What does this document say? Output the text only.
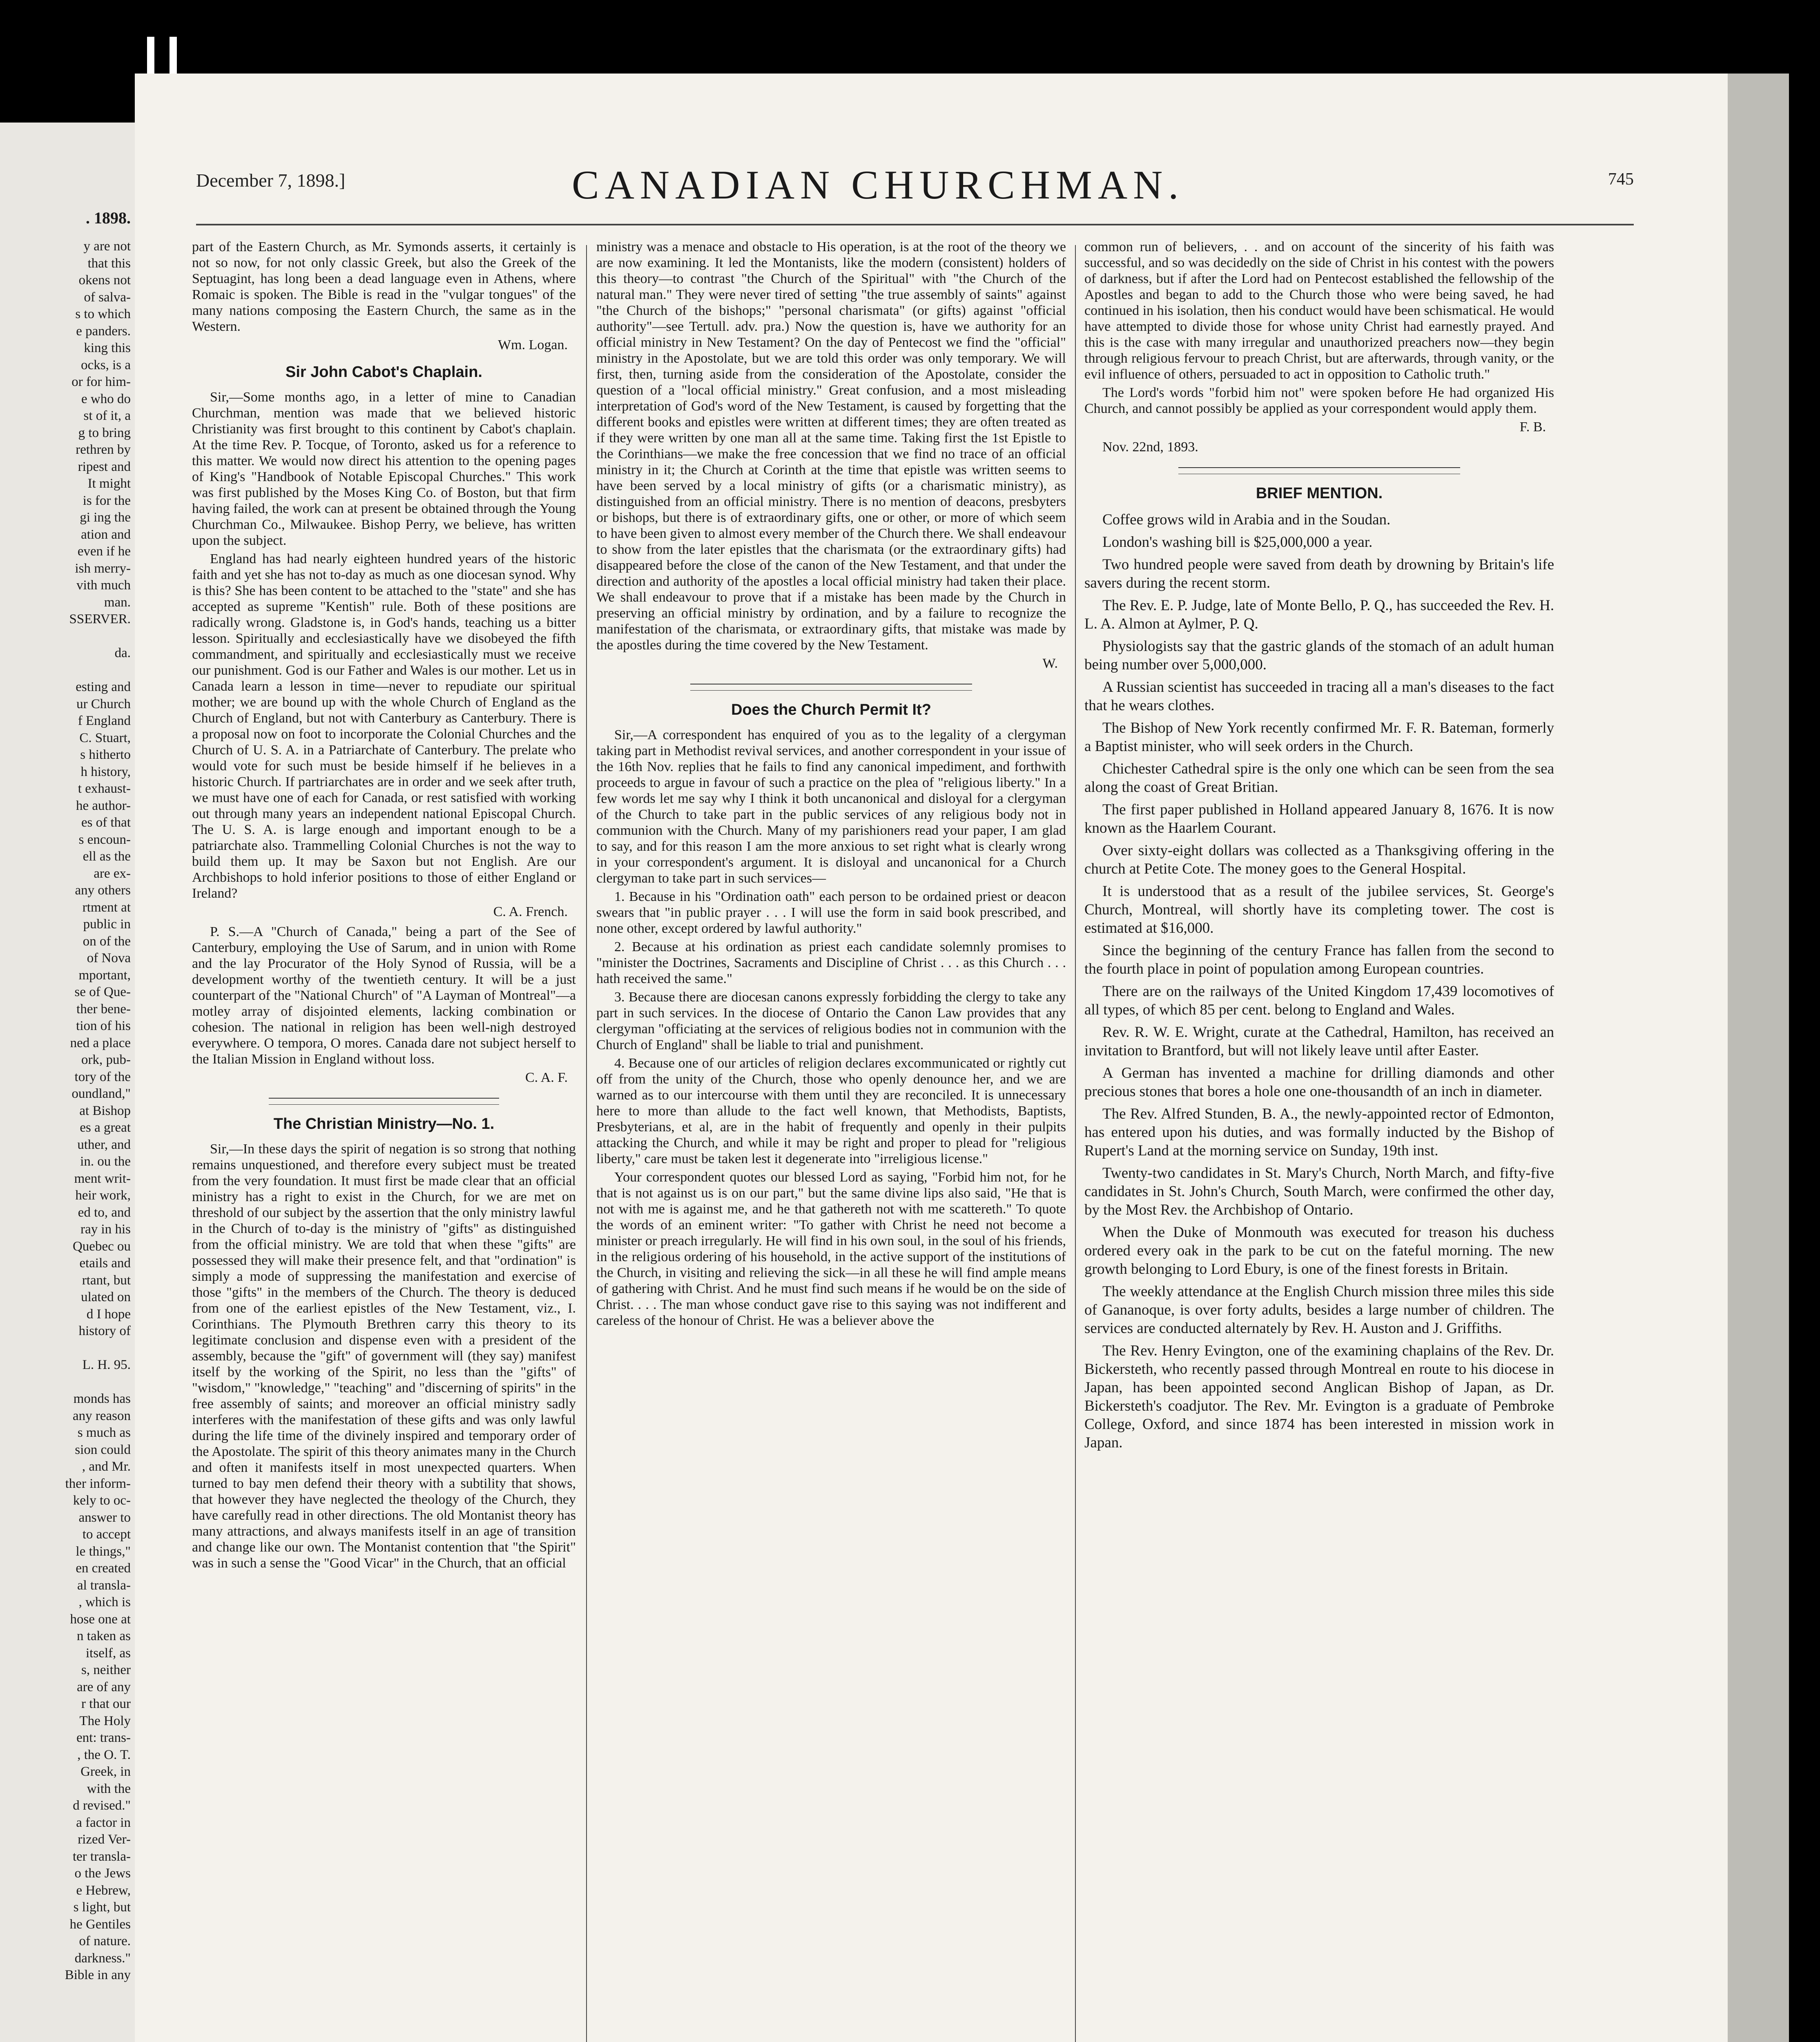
. 1898.
y are not
that this
okens not
of salva-
s to which
e panders.
king this
ocks, is a
or for him-
e who do
st of it, a
g to bring
rethren by
ripest and
It might
is for the
gi ing the
ation and
even if he
ish merry-
vith much
man.
SSERVER.
da.
esting and
ur Church
f England
C. Stuart,
s hitherto
h history,
t exhaust-
he author-
es of that
s encoun-
ell as the
are ex-
any others
rtment at
public in
on of the
of Nova
mportant,
se of Que-
ther bene-
tion of his
ned a place
ork, pub-
tory of the
oundland,"
at Bishop
es a great
uther, and
in. ou the
ment writ-
heir work,
ed to, and
ray in his
Quebec ou
etails and
rtant, but
ulated on
d I hope
history of
L. H. 95.
monds has
any reason
s much as
sion could
, and Mr.
ther inform-
kely to oc-
answer to
to accept
le things,"
en created
al transla-
, which is
hose one at
n taken as
itself, as
s, neither
are of any
r that our
The Holy
ent: trans-
, the O. T.
Greek, in
with the
d revised."
a factor in
rized Ver-
ter transla-
o the Jews
e Hebrew,
s light, but
he Gentiles
of nature.
darkness."
Bible in any
December 7, 1898.]	CANADIAN CHURCHMAN.	745

part of the Eastern Church, as Mr. Symonds asserts, it certainly is not so now, for not only classic Greek, but also the Greek of the Septuagint, has long been a dead language even in Athens, where Romaic is spoken. The Bible is read in the "vulgar tongues" of the many nations composing the Eastern Church, the same as in the Western.

Wm. Logan.

Sir John Cabot's Chaplain.

Sir,—Some months ago, in a letter of mine to Canadian Churchman, mention was made that we believed historic Christianity was first brought to this continent by Cabot's chaplain. At the time Rev. P. Tocque, of Toronto, asked us for a reference to this matter. We would now direct his attention to the opening pages of King's "Handbook of Notable Episcopal Churches." This work was first published by the Moses King Co. of Boston, but that firm having failed, the work can at present be obtained through the Young Churchman Co., Milwaukee. Bishop Perry, we believe, has written upon the subject.

England has had nearly eighteen hundred years of the historic faith and yet she has not to-day as much as one diocesan synod. Why is this? She has been content to be attached to the "state" and she has accepted as supreme "Kentish" rule. Both of these positions are radically wrong. Gladstone is, in God's hands, teaching us a bitter lesson. Spiritually and ecclesiastically have we disobeyed the fifth commandment, and spiritually and ecclesiastically must we receive our punishment. God is our Father and Wales is our mother. Let us in Canada learn a lesson in time—never to repudiate our spiritual mother; we are bound up with the whole Church of England as the Church of England, but not with Canterbury as Canterbury. There is a proposal now on foot to incorporate the Colonial Churches and the Church of U. S. A. in a Patriarchate of Canterbury. The prelate who would vote for such must be beside himself if he believes in a historic Church. If partriarchates are in order and we seek after truth, we must have one of each for Canada, or rest satisfied with working out through many years an independent national Episcopal Church. The U. S. A. is large enough and important enough to be a patriarchate also. Trammelling Colonial Churches is not the way to build them up. It may be Saxon but not English. Are our Archbishops to hold inferior positions to those of either England or Ireland?

C. A. French.

P. S.—A "Church of Canada," being a part of the See of Canterbury, employing the Use of Sarum, and in union with Rome and the lay Procurator of the Holy Synod of Russia, will be a development worthy of the twentieth century. It will be a just counterpart of the "National Church" of "A Layman of Montreal"—a motley array of disjointed elements, lacking combination or cohesion. The national in religion has been well-nigh destroyed everywhere. O tempora, O mores. Canada dare not subject herself to the Italian Mission in England without loss.

C. A. F.

The Christian Ministry—No. 1.

Sir,—In these days the spirit of negation is so strong that nothing remains unquestioned, and therefore every subject must be treated from the very foundation. It must first be made clear that an official ministry has a right to exist in the Church, for we are met on threshold of our subject by the assertion that the only ministry lawful in the Church of to-day is the ministry of "gifts" as distinguished from the official ministry. We are told that when these "gifts" are possessed they will make their presence felt, and that "ordination" is simply a mode of suppressing the manifestation and exercise of those "gifts" in the members of the Church. The theory is deduced from one of the earliest epistles of the New Testament, viz., I. Corinthians. The Plymouth Brethren carry this theory to its legitimate conclusion and dispense even with a president of the assembly, because the "gift" of government will (they say) manifest itself by the working of the Spirit, no less than the "gifts" of "wisdom," "knowledge," "teaching" and "discerning of spirits" in the free assembly of saints; and moreover an official ministry sadly interferes with the manifestation of these gifts and was only lawful during the life time of the divinely inspired and temporary order of the Apostolate. The spirit of this theory animates many in the Church and often it manifests itself in most unexpected quarters. When turned to bay men defend their theory with a subtility that shows, that however they have neglected the theology of the Church, they have carefully read in other directions. The old Montanist theory has many attractions, and always manifests itself in an age of transition and change like our own. The Montanist contention that "the Spirit" was in such a sense the "Good Vicar" in the Church, that an official

ministry was a menace and obstacle to His operation, is at the root of the theory we are now examining. It led the Montanists, like the modern (consistent) holders of this theory—to contrast "the Church of the Spiritual" with "the Church of the natural man." They were never tired of setting "the true assembly of saints" against "the Church of the bishops;" "personal charismata" (or gifts) against "official authority"—see Tertull. adv. pra.) Now the question is, have we authority for an official ministry in New Testament? On the day of Pentecost we find the "official" ministry in the Apostolate, but we are told this order was only temporary. We will first, then, turning aside from the consideration of the Apostolate, consider the question of a "local official ministry." Great confusion, and a most misleading interpretation of God's word of the New Testament, is caused by forgetting that the different books and epistles were written at different times; they are often treated as if they were written by one man all at the same time. Taking first the 1st Epistle to the Corinthians—we make the free concession that we find no trace of an official ministry in it; the Church at Corinth at the time that epistle was written seems to have been served by a local ministry of gifts (or a charismatic ministry), as distinguished from an official ministry. There is no mention of deacons, presbyters or bishops, but there is of extraordinary gifts, one or other, or more of which seem to have been given to almost every member of the Church there. We shall endeavour to show from the later epistles that the charismata (or the extraordinary gifts) had disappeared before the close of the canon of the New Testament, and that under the direction and authority of the apostles a local official ministry had taken their place. We shall endeavour to prove that if a mistake has been made by the Church in preserving an official ministry by ordination, and by a failure to recognize the manifestation of the charismata, or extraordinary gifts, that mistake was made by the apostles during the time covered by the New Testament.

W.

Does the Church Permit It?

Sir,—A correspondent has enquired of you as to the legality of a clergyman taking part in Methodist revival services, and another correspondent in your issue of the 16th Nov. replies that he fails to find any canonical impediment, and forthwith proceeds to argue in favour of such a practice on the plea of "religious liberty." In a few words let me say why I think it both uncanonical and disloyal for a clergyman of the Church to take part in the public services of any religious body not in communion with the Church. Many of my parishioners read your paper, I am glad to say, and for this reason I am the more anxious to set right what is clearly wrong in your correspondent's argument. It is disloyal and uncanonical for a Church clergyman to take part in such services—

1. Because in his "Ordination oath" each person to be ordained priest or deacon swears that "in public prayer . . . I will use the form in said book prescribed, and none other, except ordered by lawful authority."

2. Because at his ordination as priest each candidate solemnly promises to "minister the Doctrines, Sacraments and Discipline of Christ . . . as this Church . . . hath received the same."

3. Because there are diocesan canons expressly forbidding the clergy to take any part in such services. In the diocese of Ontario the Canon Law provides that any clergyman "officiating at the services of religious bodies not in communion with the Church of England" shall be liable to trial and punishment.

4. Because one of our articles of religion declares excommunicated or rightly cut off from the unity of the Church, those who openly denounce her, and we are warned as to our intercourse with them until they are reconciled. It is unnecessary here to more than allude to the fact well known, that Methodists, Baptists, Presbyterians, et al, are in the habit of frequently and openly in their pulpits attacking the Church, and while it may be right and proper to plead for "religious liberty," care must be taken lest it degenerate into "irreligious license."

Your correspondent quotes our blessed Lord as saying, "Forbid him not, for he that is not against us is on our part," but the same divine lips also said, "He that is not with me is against me, and he that gathereth not with me scattereth." To quote the words of an eminent writer: "To gather with Christ he need not become a minister or preach irregularly. He will find in his own soul, in the soul of his friends, in the religious ordering of his household, in the active support of the institutions of the Church, in visiting and relieving the sick—in all these he will find ample means of gathering with Christ. And he must find such means if he would be on the side of Christ. . . . The man whose conduct gave rise to this saying was not indifferent and careless of the honour of Christ. He was a believer above the

common run of believers, . . and on account of the sincerity of his faith was successful, and so was decidedly on the side of Christ in his contest with the powers of darkness, but if after the Lord had on Pentecost established the fellowship of the Apostles and began to add to the Church those who were being saved, he had continued in his isolation, then his conduct would have been schismatical. He would have attempted to divide those for whose unity Christ had earnestly prayed. And this is the case with many irregular and unauthorized preachers now—they begin through religious fervour to preach Christ, but are afterwards, through vanity, or the evil influence of others, persuaded to act in opposition to Catholic truth."

The Lord's words "forbid him not" were spoken before He had organized His Church, and cannot possibly be applied as your correspondent would apply them.

F. B.

Nov. 22nd, 1893.

BRIEF MENTION.

Coffee grows wild in Arabia and in the Soudan.

London's washing bill is $25,000,000 a year.

Two hundred people were saved from death by drowning by Britain's life savers during the recent storm.

The Rev. E. P. Judge, late of Monte Bello, P. Q., has succeeded the Rev. H. L. A. Almon at Aylmer, P. Q.

Physiologists say that the gastric glands of the stomach of an adult human being number over 5,000,000.

A Russian scientist has succeeded in tracing all a man's diseases to the fact that he wears clothes.

The Bishop of New York recently confirmed Mr. F. R. Bateman, formerly a Baptist minister, who will seek orders in the Church.

Chichester Cathedral spire is the only one which can be seen from the sea along the coast of Great Britian.

The first paper published in Holland appeared January 8, 1676. It is now known as the Haarlem Courant.

Over sixty-eight dollars was collected as a Thanksgiving offering in the church at Petite Cote. The money goes to the General Hospital.

It is understood that as a result of the jubilee services, St. George's Church, Montreal, will shortly have its completing tower. The cost is estimated at $16,000.

Since the beginning of the century France has fallen from the second to the fourth place in point of population among European countries.

There are on the railways of the United Kingdom 17,439 locomotives of all types, of which 85 per cent. belong to England and Wales.

Rev. R. W. E. Wright, curate at the Cathedral, Hamilton, has received an invitation to Brantford, but will not likely leave until after Easter.

A German has invented a machine for drilling diamonds and other precious stones that bores a hole one one-thousandth of an inch in diameter.

The Rev. Alfred Stunden, B. A., the newly-appointed rector of Edmonton, has entered upon his duties, and was formally inducted by the Bishop of Rupert's Land at the morning service on Sunday, 19th inst.

Twenty-two candidates in St. Mary's Church, North March, and fifty-five candidates in St. John's Church, South March, were confirmed the other day, by the Most Rev. the Archbishop of Ontario.

When the Duke of Monmouth was executed for treason his duchess ordered every oak in the park to be cut on the fateful morning. The new growth belonging to Lord Ebury, is one of the finest forests in Britain.

The weekly attendance at the English Church mission three miles this side of Gananoque, is over forty adults, besides a large number of children. The services are conducted alternately by Rev. H. Auston and J. Griffiths.

The Rev. Henry Evington, one of the examining chaplains of the Rev. Dr. Bickersteth, who recently passed through Montreal en route to his diocese in Japan, has been appointed second Anglican Bishop of Japan, as Dr. Bickersteth's coadjutor. The Rev. Mr. Evington is a graduate of Pembroke College, Oxford, and since 1874 has been interested in mission work in Japan.
